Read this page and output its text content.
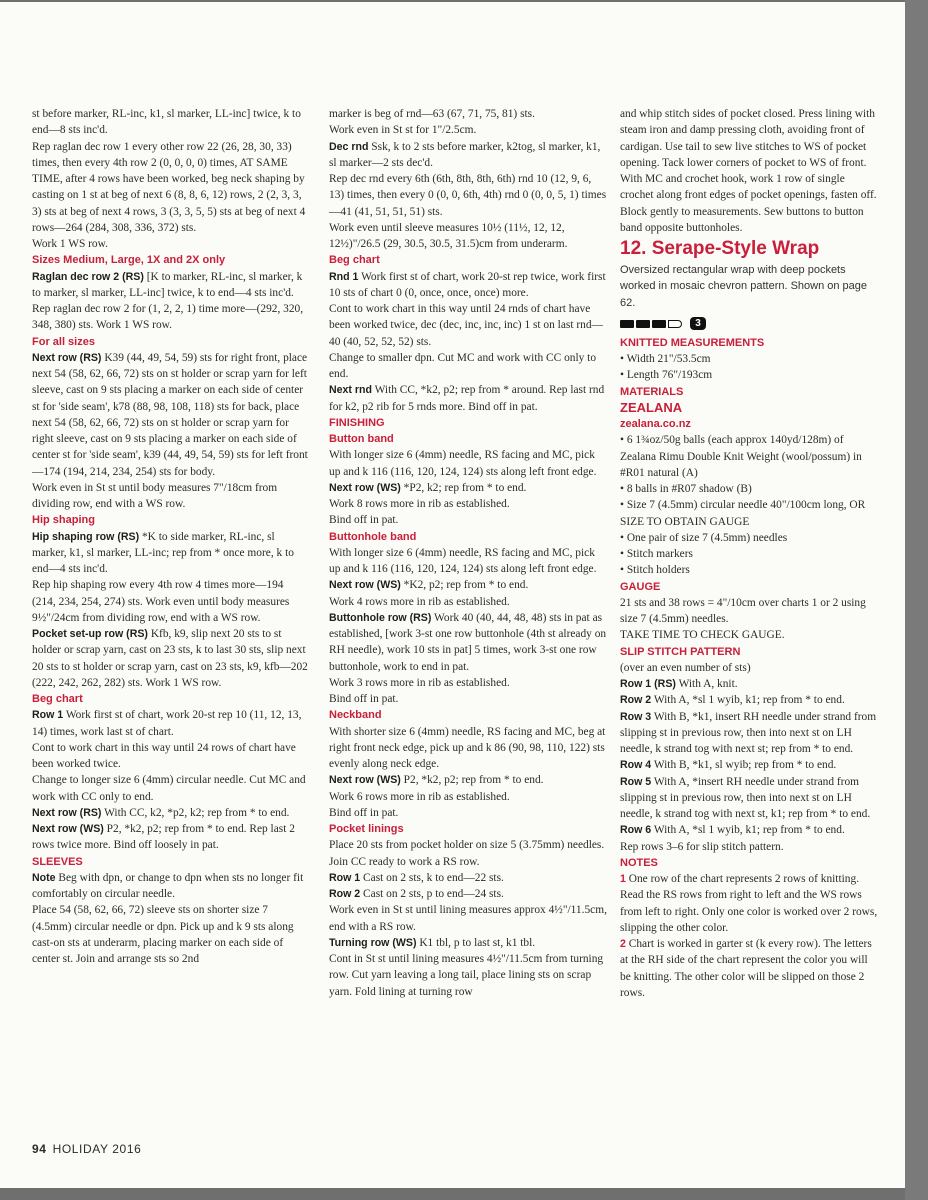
st before marker, RL-inc, k1, sl marker, LL-inc] twice, k to end—8 sts inc'd.

Rep raglan dec row 1 every other row 22 (26, 28, 30, 33) times, then every 4th row 2 (0, 0, 0, 0) times, AT SAME TIME, after 4 rows have been worked, beg neck shaping by casting on 1 st at beg of next 6 (8, 8, 6, 12) rows, 2 (2, 3, 3, 3) sts at beg of next 4 rows, 3 (3, 3, 5, 5) sts at beg of next 4 rows—264 (284, 308, 336, 372) sts.

Work 1 WS row.

Sizes Medium, Large, 1X and 2X only

Raglan dec row 2 (RS) [K to marker, RL-inc, sl marker, k to marker, sl marker, LL-inc] twice, k to end—4 sts inc'd.

Rep raglan dec row 2 for (1, 2, 2, 1) time more—(292, 320, 348, 380) sts. Work 1 WS row.

For all sizes

Next row (RS) K39 (44, 49, 54, 59) sts for right front, place next 54 (58, 62, 66, 72) sts on st holder or scrap yarn for left sleeve, cast on 9 sts placing a marker on each side of center st for 'side seam', k78 (88, 98, 108, 118) sts for back, place next 54 (58, 62, 66, 72) sts on st holder or scrap yarn for right sleeve, cast on 9 sts placing a marker on each side of center st for 'side seam', k39 (44, 49, 54, 59) sts for left front—174 (194, 214, 234, 254) sts for body.

Work even in St st until body measures 7"/18cm from dividing row, end with a WS row.

Hip shaping

Hip shaping row (RS) *K to side marker, RL-inc, sl marker, k1, sl marker, LL-inc; rep from * once more, k to end—4 sts inc'd.

Rep hip shaping row every 4th row 4 times more—194 (214, 234, 254, 274) sts. Work even until body measures 9½"/24cm from dividing row, end with a WS row.

Pocket set-up row (RS) Kfb, k9, slip next 20 sts to st holder or scrap yarn, cast on 23 sts, k to last 30 sts, slip next 20 sts to st holder or scrap yarn, cast on 23 sts, k9, kfb—202 (222, 242, 262, 282) sts. Work 1 WS row.

Beg chart

Row 1 Work first st of chart, work 20-st rep 10 (11, 12, 13, 14) times, work last st of chart.

Cont to work chart in this way until 24 rows of chart have been worked twice.

Change to longer size 6 (4mm) circular needle. Cut MC and work with CC only to end.

Next row (RS) With CC, k2, *p2, k2; rep from * to end.

Next row (WS) P2, *k2, p2; rep from * to end. Rep last 2 rows twice more. Bind off loosely in pat.

SLEEVES

Note Beg with dpn, or change to dpn when sts no longer fit comfortably on circular needle.

Place 54 (58, 62, 66, 72) sleeve sts on shorter size 7 (4.5mm) circular needle or dpn. Pick up and k 9 sts along cast-on sts at underarm, placing marker on each side of center st. Join and arrange sts so 2nd

marker is beg of rnd—63 (67, 71, 75, 81) sts.

Work even in St st for 1"/2.5cm.

Dec rnd Ssk, k to 2 sts before marker, k2tog, sl marker, k1, sl marker—2 sts dec'd.

Rep dec rnd every 6th (6th, 8th, 8th, 6th) rnd 10 (12, 9, 6, 13) times, then every 0 (0, 0, 6th, 4th) rnd 0 (0, 0, 5, 1) times—41 (41, 51, 51, 51) sts.

Work even until sleeve measures 10½ (11½, 12, 12, 12½)"/26.5 (29, 30.5, 30.5, 31.5)cm from underarm.

Beg chart

Rnd 1 Work first st of chart, work 20-st rep twice, work first 10 sts of chart 0 (0, once, once, once) more.

Cont to work chart in this way until 24 rnds of chart have been worked twice, dec (dec, inc, inc, inc) 1 st on last rnd—40 (40, 52, 52, 52) sts.

Change to smaller dpn. Cut MC and work with CC only to end.

Next rnd With CC, *k2, p2; rep from * around. Rep last rnd for k2, p2 rib for 5 rnds more. Bind off in pat.

FINISHING

Button band

With longer size 6 (4mm) needle, RS facing and MC, pick up and k 116 (116, 120, 124, 124) sts along left front edge.

Next row (WS) *P2, k2; rep from * to end.

Work 8 rows more in rib as established.

Bind off in pat.

Buttonhole band

With longer size 6 (4mm) needle, RS facing and MC, pick up and k 116 (116, 120, 124, 124) sts along left front edge.

Next row (WS) *K2, p2; rep from * to end.

Work 4 rows more in rib as established.

Buttonhole row (RS) Work 40 (40, 44, 48, 48) sts in pat as established, [work 3-st one row buttonhole (4th st already on RH needle), work 10 sts in pat] 5 times, work 3-st one row buttonhole, work to end in pat.

Work 3 rows more in rib as established.

Bind off in pat.

Neckband

With shorter size 6 (4mm) needle, RS facing and MC, beg at right front neck edge, pick up and k 86 (90, 98, 110, 122) sts evenly along neck edge.

Next row (WS) P2, *k2, p2; rep from * to end.

Work 6 rows more in rib as established.

Bind off in pat.

Pocket linings

Place 20 sts from pocket holder on size 5 (3.75mm) needles. Join CC ready to work a RS row.

Row 1 Cast on 2 sts, k to end—22 sts.

Row 2 Cast on 2 sts, p to end—24 sts.

Work even in St st until lining measures approx 4½"/11.5cm, end with a RS row.

Turning row (WS) K1 tbl, p to last st, k1 tbl.

Cont in St st until lining measures 4½"/11.5cm from turning row. Cut yarn leaving a long tail, place lining sts on scrap yarn. Fold lining at turning row

and whip stitch sides of pocket closed. Press lining with steam iron and damp pressing cloth, avoiding front of cardigan. Use tail to sew live stitches to WS of pocket opening. Tack lower corners of pocket to WS of front. With MC and crochet hook, work 1 row of single crochet along front edges of pocket openings, fasten off.

Block gently to measurements. Sew buttons to button band opposite buttonholes.

12. Serape-Style Wrap

Oversized rectangular wrap with deep pockets worked in mosaic chevron pattern. Shown on page 62.

3

KNITTED MEASUREMENTS

• Width 21"/53.5cm

• Length 76"/193cm

MATERIALS

ZEALANA

zealana.co.nz

• 6 1¾oz/50g balls (each approx 140yd/128m) of Zealana Rimu Double Knit Weight (wool/possum) in #R01 natural (A)

• 8 balls in #R07 shadow (B)

• Size 7 (4.5mm) circular needle 40"/100cm long, OR SIZE TO OBTAIN GAUGE

• One pair of size 7 (4.5mm) needles

• Stitch markers

• Stitch holders

GAUGE

21 sts and 38 rows = 4"/10cm over charts 1 or 2 using size 7 (4.5mm) needles.

TAKE TIME TO CHECK GAUGE.

SLIP STITCH PATTERN

(over an even number of sts)

Row 1 (RS) With A, knit.

Row 2 With A, *sl 1 wyib, k1; rep from * to end.

Row 3 With B, *k1, insert RH needle under strand from slipping st in previous row, then into next st on LH needle, k strand tog with next st; rep from * to end.

Row 4 With B, *k1, sl wyib; rep from * to end.

Row 5 With A, *insert RH needle under strand from slipping st in previous row, then into next st on LH needle, k strand tog with next st, k1; rep from * to end.

Row 6 With A, *sl 1 wyib, k1; rep from * to end.

Rep rows 3–6 for slip stitch pattern.

NOTES

1 One row of the chart represents 2 rows of knitting. Read the RS rows from right to left and the WS rows from left to right. Only one color is worked over 2 rows, slipping the other color.

2 Chart is worked in garter st (k every row). The letters at the RH side of the chart represent the color you will be knitting. The other color will be slipped on those 2 rows.

94 HOLIDAY 2016
